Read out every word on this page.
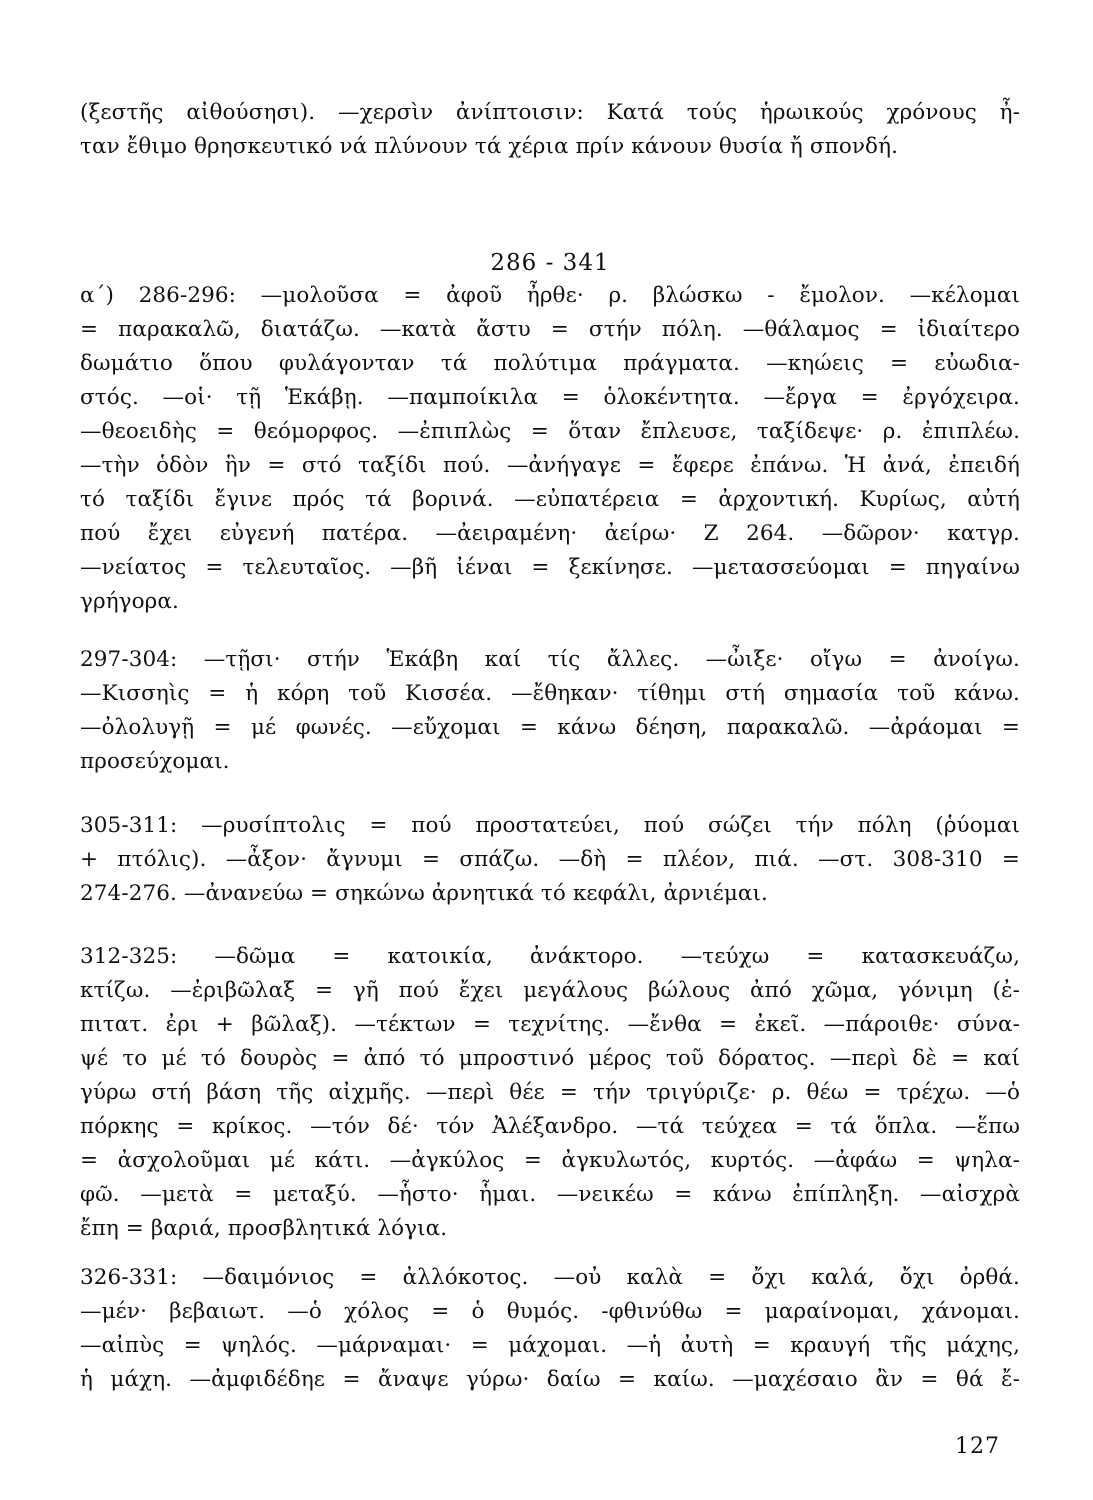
(ξεστῆς αἰθούσησι). —χερσὶν ἀνίπτοισιν: Κατά τούς ἡρωικούς χρόνους ἦ-
ταν ἔθιμο θρησκευτικό νά πλύνουν τά χέρια πρίν κάνουν θυσία ἤ σπονδή.
286 - 341
α΄) 286-296: —μολοῦσα = ἀφοῦ ἦρθε· ρ. βλώσκω - ἔμολον. —κέλομαι
= παρακαλῶ, διατάζω. —κατὰ ἄστυ = στήν πόλη. —θάλαμος = ἰδιαίτερο
δωμάτιο ὅπου φυλάγονταν τά πολύτιμα πράγματα. —κηώεις = εὐωδια-
στός. —οἱ· τῇ Ἑκάβῃ. —παμποίκιλα = ὁλοκέντητα. —ἔργα = ἐργόχειρα.
—θεοειδὴς = θεόμορφος. —ἐπιπλὼς = ὅταν ἔπλευσε, ταξίδεψε· ρ. ἐπιπλέω.
—τὴν ὁδὸν ἣν = στό ταξίδι πού. —ἀνήγαγε = ἔφερε ἐπάνω. Ἡ ἀνά, ἐπειδή
τό ταξίδι ἔγινε πρός τά βορινά. —εὐπατέρεια = ἀρχοντική. Κυρίως, αὐτή
πού ἔχει εὐγενή πατέρα. —ἀειραμένη· ἀείρω· Ζ 264. —δῶρον· κατγρ.
—νείατος = τελευταῖος. —βῆ ἰέναι = ξεκίνησε. —μετασσεύομαι = πηγαίνω
γρήγορα.
297-304: —τῇσι· στήν Ἑκάβη καί τίς ἄλλες. —ὦιξε· οἴγω = ἀνοίγω.
—Κισσηὶς = ἡ κόρη τοῦ Κισσέα. —ἔθηκαν· τίθημι στή σημασία τοῦ κάνω.
—ὀλολυγῇ = μέ φωνές. —εὔχομαι = κάνω δέηση, παρακαλῶ. —ἀράομαι =
προσεύχομαι.
305-311: —ρυσίπτολις = πού προστατεύει, πού σώζει τήν πόλη (ῥύομαι
+ πτόλις). —ἆξον· ἄγνυμι = σπάζω. —δὴ = πλέον, πιά. —στ. 308-310 =
274-276. —ἀνανεύω = σηκώνω ἀρνητικά τό κεφάλι, ἀρνιέμαι.
312-325: —δῶμα = κατοικία, ἀνάκτορο. —τεύχω = κατασκευάζω,
κτίζω. —ἐριβῶλαξ = γῆ πού ἔχει μεγάλους βώλους ἀπό χῶμα, γόνιμη (ἐ-
πιτατ. ἐρι + βῶλαξ). —τέκτων = τεχνίτης. —ἔνθα = ἐκεῖ. —πάροιθε· σύνα-
ψέ το μέ τό δουρὸς = ἀπό τό μπροστινό μέρος τοῦ δόρατος. —περὶ δὲ = καί
γύρω στή βάση τῆς αἰχμῆς. —περὶ θέε = τήν τριγύριζε· ρ. θέω = τρέχω. —ὁ
πόρκης = κρίκος. —τόν δέ· τόν Ἀλέξανδρο. —τά τεύχεα = τά ὅπλα. —ἕπω
= ἀσχολοῦμαι μέ κάτι. —ἀγκύλος = ἀγκυλωτός, κυρτός. —ἀφάω = ψηλα-
φῶ. —μετὰ = μεταξύ. —ἧστο· ἧμαι. —νεικέω = κάνω ἐπίπληξη. —αἰσχρὰ
ἔπη = βαριά, προσβλητικά λόγια.
326-331: —δαιμόνιος = ἀλλόκοτος. —οὐ καλὰ = ὄχι καλά, ὄχι ὀρθά.
—μέν· βεβαιωτ. —ὁ χόλος = ὁ θυμός. -φθινύθω = μαραίνομαι, χάνομαι.
—αἰπὺς = ψηλός. —μάρναμαι· = μάχομαι. —ἡ ἀυτὴ = κραυγή τῆς μάχης,
ἡ μάχη. —ἀμφιδέδηε = ἄναψε γύρω· δαίω = καίω. —μαχέσαιο ἂν = θά ἔ-
127
